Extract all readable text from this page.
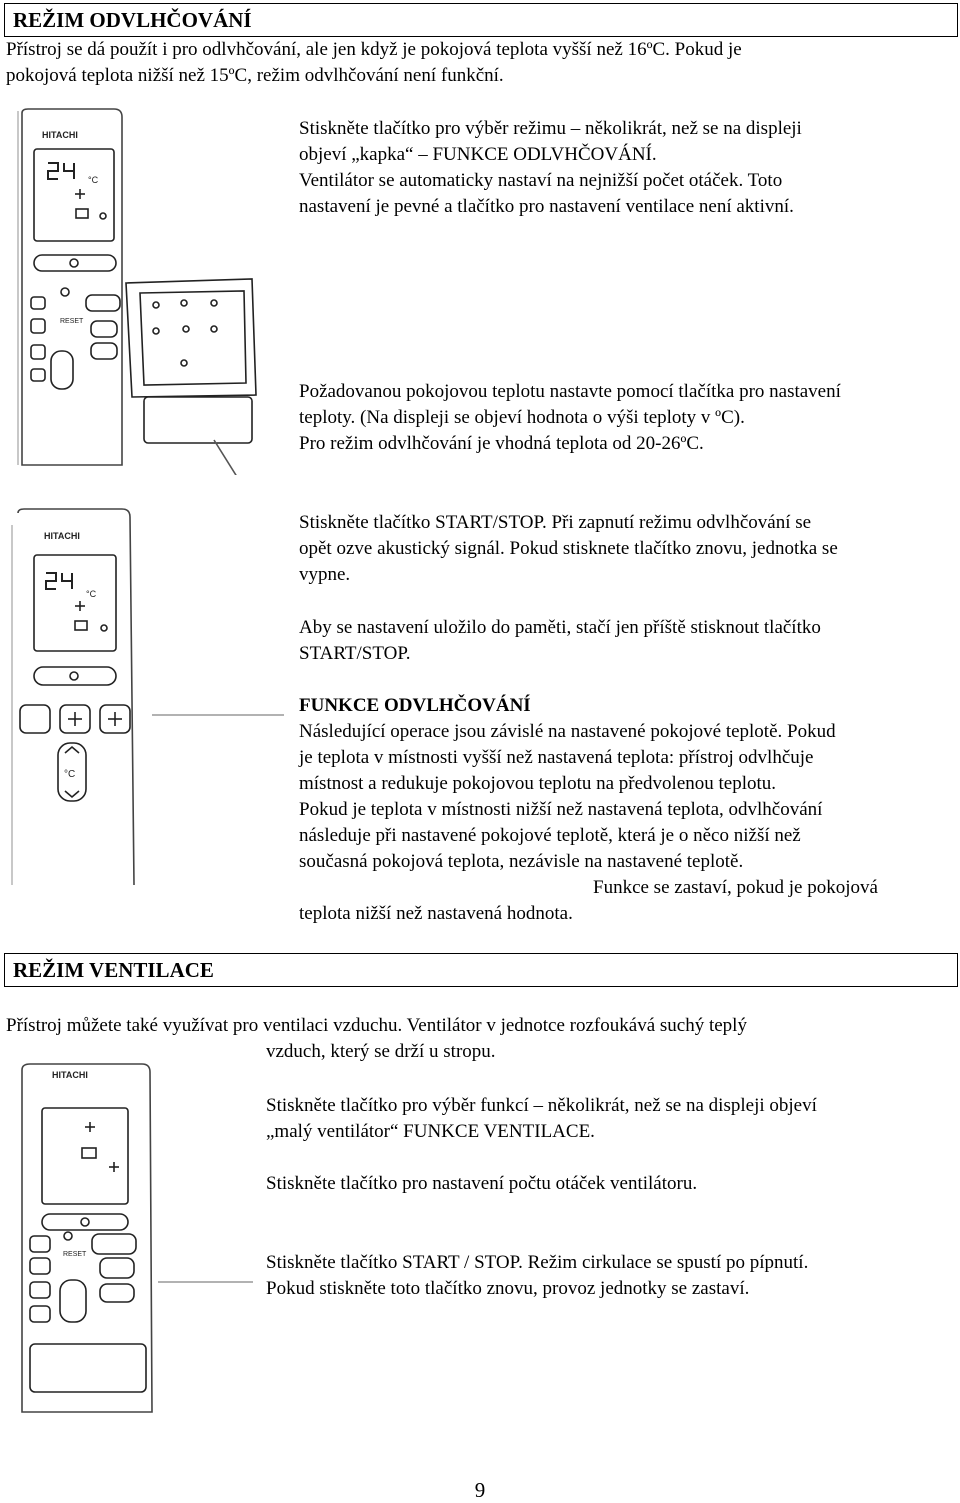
REŽIM ODVLHČOVÁNÍ
Přístroj se dá použít i pro odlvhčování, ale jen když je pokojová teplota vyšší než 16ºC. Pokud je
pokojová teplota nižší než 15ºC, režim odvlhčování není funkční.
HITACHI
°C
RESET
Stiskněte tlačítko pro výběr režimu – několikrát, než se na displeji
objeví „kapka“ – FUNKCE ODLVHČOVÁNÍ.
Ventilátor se automaticky nastaví na nejnižší počet otáček. Toto
nastavení je pevné a tlačítko pro nastavení ventilace není aktivní.
Požadovanou pokojovou teplotu nastavte pomocí tlačítka pro nastavení
teploty. (Na displeji se objeví hodnota o výši teploty v ºC).
Pro režim odvlhčování je vhodná teplota od 20-26ºC.
HITACHI
°C
°C
Stiskněte tlačítko START/STOP. Při zapnutí režimu odvlhčování se
opět ozve akustický signál. Pokud stisknete tlačítko znovu, jednotka se
vypne.
Aby se nastavení uložilo do paměti, stačí jen příště stisknout tlačítko
START/STOP.
FUNKCE ODVLHČOVÁNÍ
Následující operace jsou závislé na nastavené pokojové teplotě. Pokud
je teplota v místnosti vyšší než nastavená teplota: přístroj odvlhčuje
místnost a redukuje pokojovou teplotu na předvolenou teplotu.
Pokud je teplota v místnosti nižší než nastavená teplota, odvlhčování
následuje při nastavené pokojové teplotě, která je o něco nižší než
současná pokojová teplota, nezávisle na nastavené teplotě.
Funkce se zastaví, pokud je pokojová
teplota nižší než nastavená hodnota.
REŽIM VENTILACE
Přístroj můžete také využívat pro ventilaci vzduchu. Ventilátor v jednotce rozfoukává suchý teplý
vzduch, který se drží u stropu.
HITACHI
RESET
Stiskněte tlačítko pro výběr funkcí – několikrát, než se na displeji objeví
„malý ventilátor“ FUNKCE VENTILACE.
Stiskněte tlačítko pro nastavení počtu otáček ventilátoru.
Stiskněte tlačítko START / STOP. Režim cirkulace se spustí po pípnutí.
Pokud stiskněte toto tlačítko znovu, provoz jednotky se zastaví.
9
